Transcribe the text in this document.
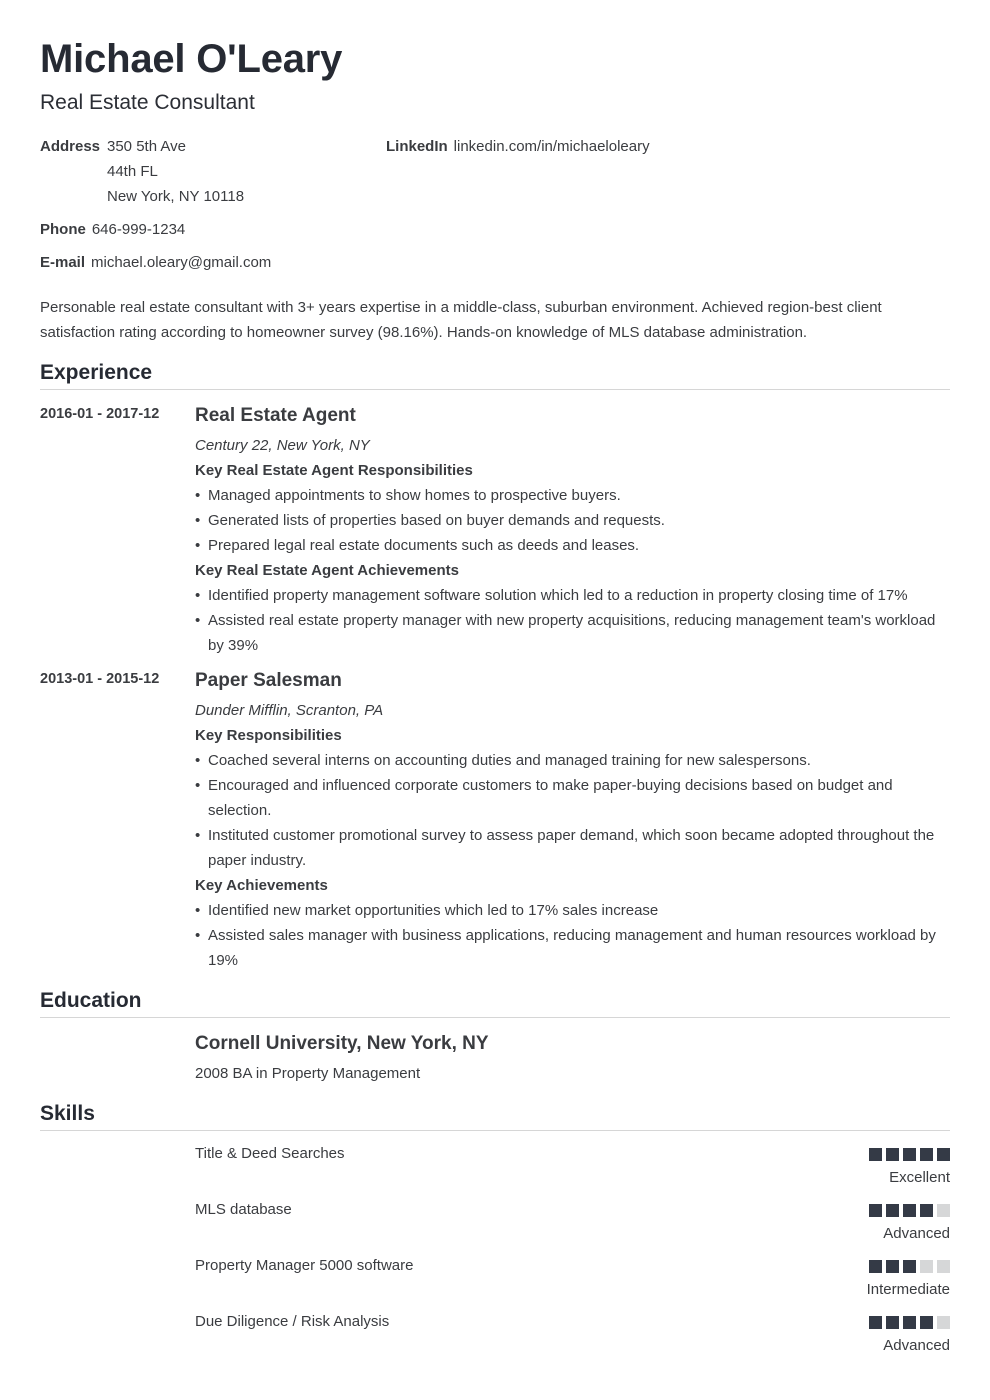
Michael O'Leary
Real Estate Consultant
Address 350 5th Ave
44th FL
New York, NY 10118
LinkedIn linkedin.com/in/michaeloleary
Phone 646-999-1234
E-mail michael.oleary@gmail.com
Personable real estate consultant with 3+ years expertise in a middle-class, suburban environment. Achieved region-best client satisfaction rating according to homeowner survey (98.16%). Hands-on knowledge of MLS database administration.
Experience
2016-01 - 2017-12 Real Estate Agent
Century 22, New York, NY
Key Real Estate Agent Responsibilities
• Managed appointments to show homes to prospective buyers.
• Generated lists of properties based on buyer demands and requests.
• Prepared legal real estate documents such as deeds and leases.
Key Real Estate Agent Achievements
• Identified property management software solution which led to a reduction in property closing time of 17%
• Assisted real estate property manager with new property acquisitions, reducing management team's workload by 39%
2013-01 - 2015-12 Paper Salesman
Dunder Mifflin, Scranton, PA
Key Responsibilities
• Coached several interns on accounting duties and managed training for new salespersons.
• Encouraged and influenced corporate customers to make paper-buying decisions based on budget and selection.
• Instituted customer promotional survey to assess paper demand, which soon became adopted throughout the paper industry.
Key Achievements
• Identified new market opportunities which led to 17% sales increase
• Assisted sales manager with business applications, reducing management and human resources workload by 19%
Education
Cornell University, New York, NY
2008 BA in Property Management
Skills
Title & Deed Searches
Excellent
MLS database
Advanced
Property Manager 5000 software
Intermediate
Due Diligence / Risk Analysis
Advanced
